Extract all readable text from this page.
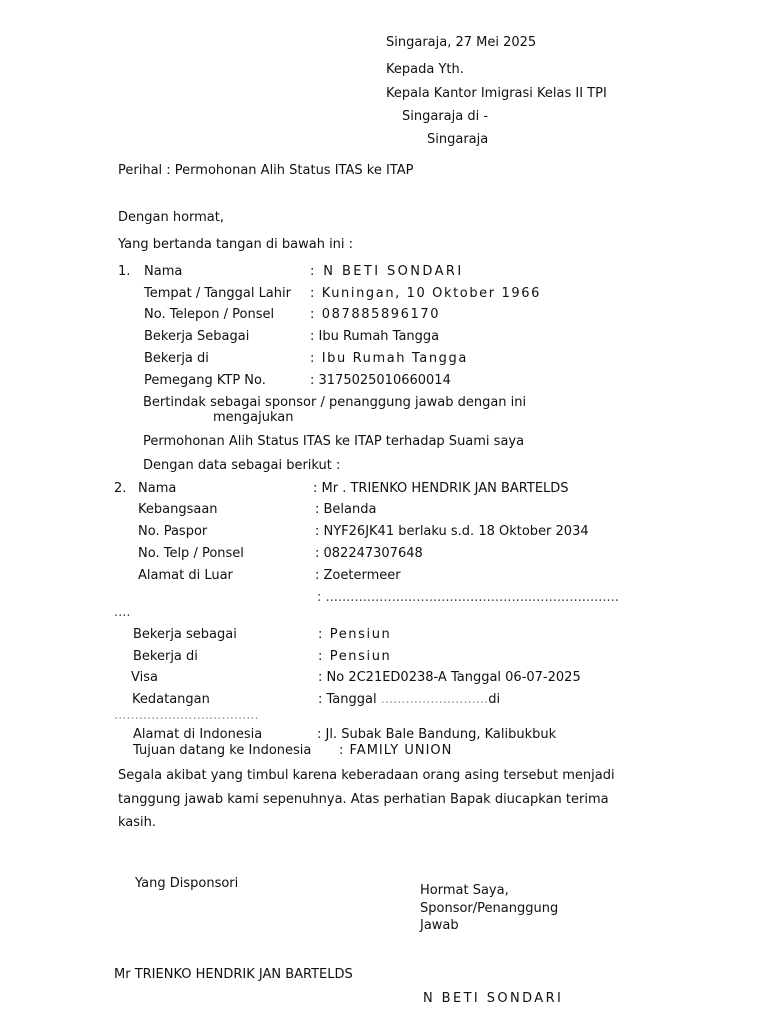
Singaraja, 27 Mei 2025
Kepada Yth.
Kepala Kantor Imigrasi Kelas II TPI
Singaraja di -
Singaraja
Perihal : Permohonan Alih Status ITAS ke ITAP
Dengan hormat,
Yang bertanda tangan di bawah ini :
1. Nama	: N BETI SONDARI
Tempat / Tanggal Lahir : Kuningan, 10 Oktober 1966
No. Telepon / Ponsel	: 087885896170
Bekerja Sebagai	: Ibu Rumah Tangga
Bekerja di	: Ibu Rumah Tangga
Pemegang KTP No.	: 3175025010660014
Bertindak sebagai sponsor / penanggung jawab dengan ini
mengajukan
Permohonan Alih Status ITAS ke ITAP terhadap Suami saya
Dengan data sebagai berikut :
2. Nama	: Mr . TRIENKO HENDRIK JAN BARTELDS
Kebangsaan	: Belanda
No. Paspor	: NYF26JK41 berlaku s.d. 18 Oktober 2034
No. Telp / Ponsel	: 082247307648
Alamat di Luar	: Zoetermeer
: .......................................................................
....
Bekerja sebagai	: Pensiun
Bekerja di	: Pensiun
Visa	: No 2C21ED0238-A Tanggal 06-07-2025
Kedatangan	: Tanggal ..........................di
...................................
Alamat di Indonesia	: Jl. Subak Bale Bandung, Kalibukbuk
Tujuan datang ke Indonesia : FAMILY UNION
Segala akibat yang timbul karena keberadaan orang asing tersebut menjadi
tanggung jawab kami sepenuhnya. Atas perhatian Bapak diucapkan terima
kasih.
Yang Disponsori	Hormat Saya,
Sponsor/Penanggung
Jawab
Mr TRIENKO HENDRIK JAN BARTELDS
N BETI SONDARI
